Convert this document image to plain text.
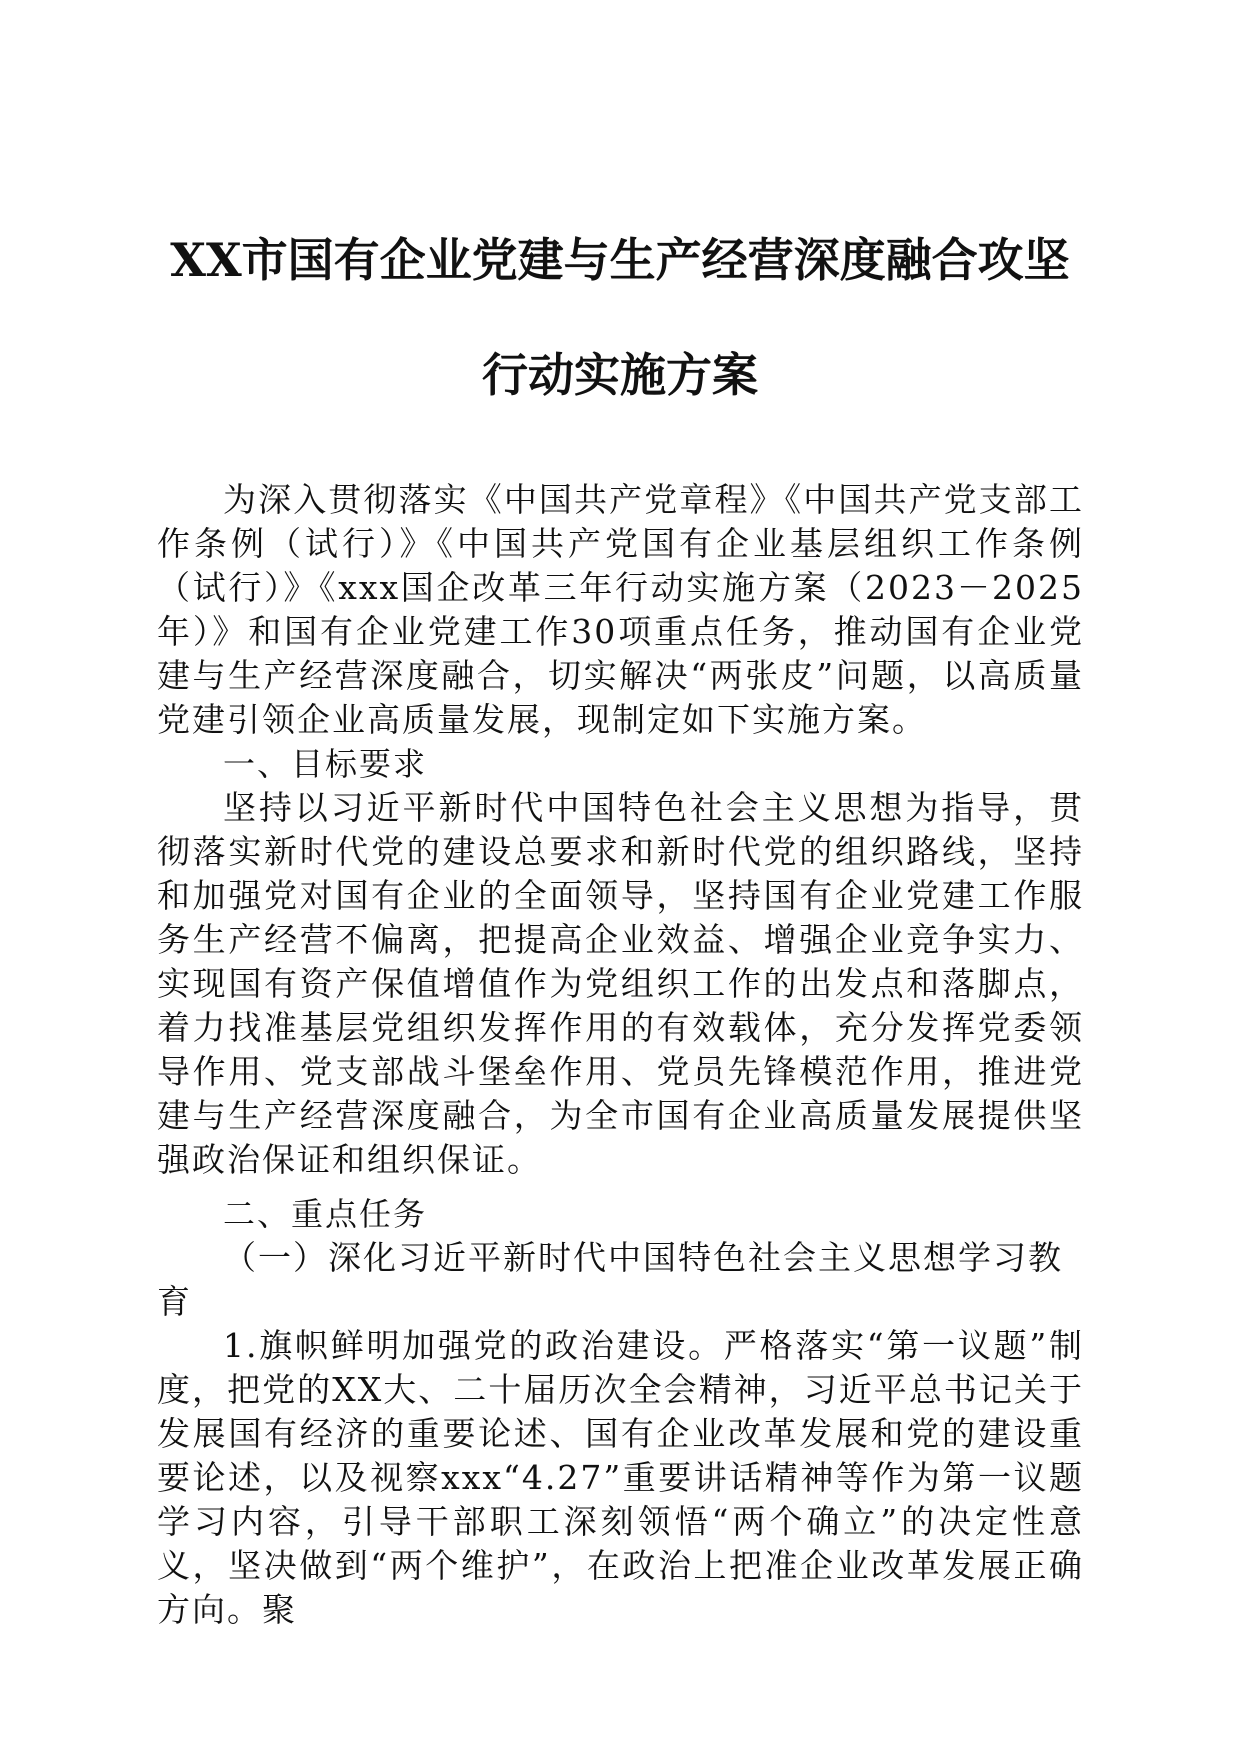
XX市国有企业党建与生产经营深度融合攻坚
行动实施方案

为深入贯彻落实《中国共产党章程》《中国共产党支部工作条例（试行）》《中国共产党国有企业基层组织工作条例（试行）》《xxx国企改革三年行动实施方案（2023－2025年）》和国有企业党建工作30项重点任务，推动国有企业党建与生产经营深度融合，切实解决“两张皮”问题，以高质量党建引领企业高质量发展，现制定如下实施方案。

一、目标要求

坚持以习近平新时代中国特色社会主义思想为指导，贯彻落实新时代党的建设总要求和新时代党的组织路线，坚持和加强党对国有企业的全面领导，坚持国有企业党建工作服务生产经营不偏离，把提高企业效益、增强企业竞争实力、实现国有资产保值增值作为党组织工作的出发点和落脚点，着力找准基层党组织发挥作用的有效载体，充分发挥党委领导作用、党支部战斗堡垒作用、党员先锋模范作用，推进党建与生产经营深度融合，为全市国有企业高质量发展提供坚强政治保证和组织保证。

二、重点任务

（一）深化习近平新时代中国特色社会主义思想学习教育

1.旗帜鲜明加强党的政治建设。严格落实“第一议题”制度，把党的XX大、二十届历次全会精神，习近平总书记关于发展国有经济的重要论述、国有企业改革发展和党的建设重要论述，以及视察xxx“4.27”重要讲话精神等作为第一议题学习内容，引导干部职工深刻领悟“两个确立”的决定性意义，坚决做到“两个维护”，在政治上把准企业改革发展正确方向。聚
